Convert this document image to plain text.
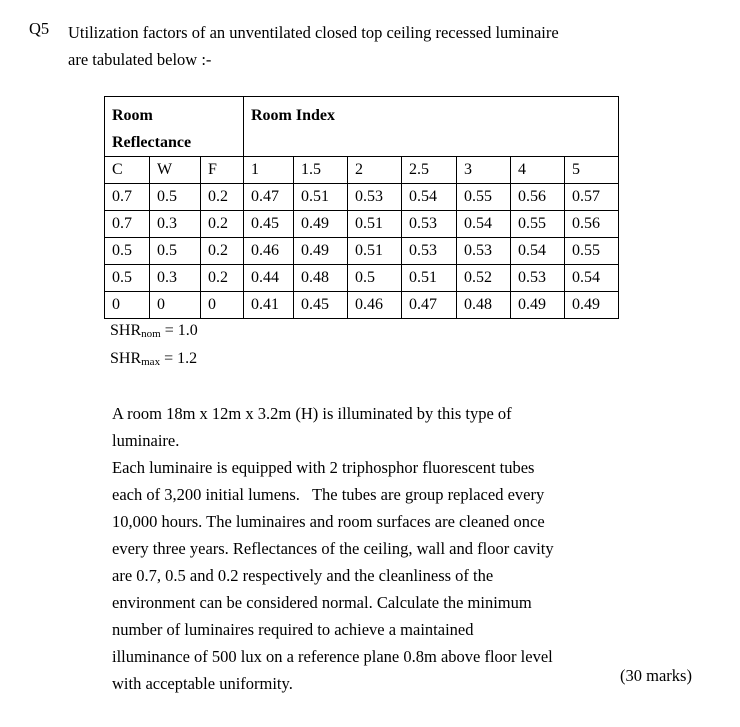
Q5 Utilization factors of an unventilated closed top ceiling recessed luminaire
are tabulated below :-
Room
Reflectance			Room Index						
C	W	F	1	1.5	2	2.5	3	4	5
0.7	0.5	0.2	0.47	0.51	0.53	0.54	0.55	0.56	0.57
0.7	0.3	0.2	0.45	0.49	0.51	0.53	0.54	0.55	0.56
0.5	0.5	0.2	0.46	0.49	0.51	0.53	0.53	0.54	0.55
0.5	0.3	0.2	0.44	0.48	0.5	0.51	0.52	0.53	0.54
0	0	0	0.41	0.45	0.46	0.47	0.48	0.49	0.49
$SHR_{nom} = 1.0$
$SHR_{max} = 1.2$

A room 18m x 12m x 3.2m (H) is illuminated by this type of

luminaire.

Each luminaire is equipped with 2 triphosphor fluorescent tubes

each of 3,200 initial lumens.   The tubes are group replaced every

10,000 hours. The luminaires and room surfaces are cleaned once

every three years. Reflectances of the ceiling, wall and floor cavity

are 0.7, 0.5 and 0.2 respectively and the cleanliness of the

environment can be considered normal. Calculate the minimum

number of luminaires required to achieve a maintained

illuminance of 500 lux on a reference plane 0.8m above floor level

with acceptable uniformity.	(30 marks)
